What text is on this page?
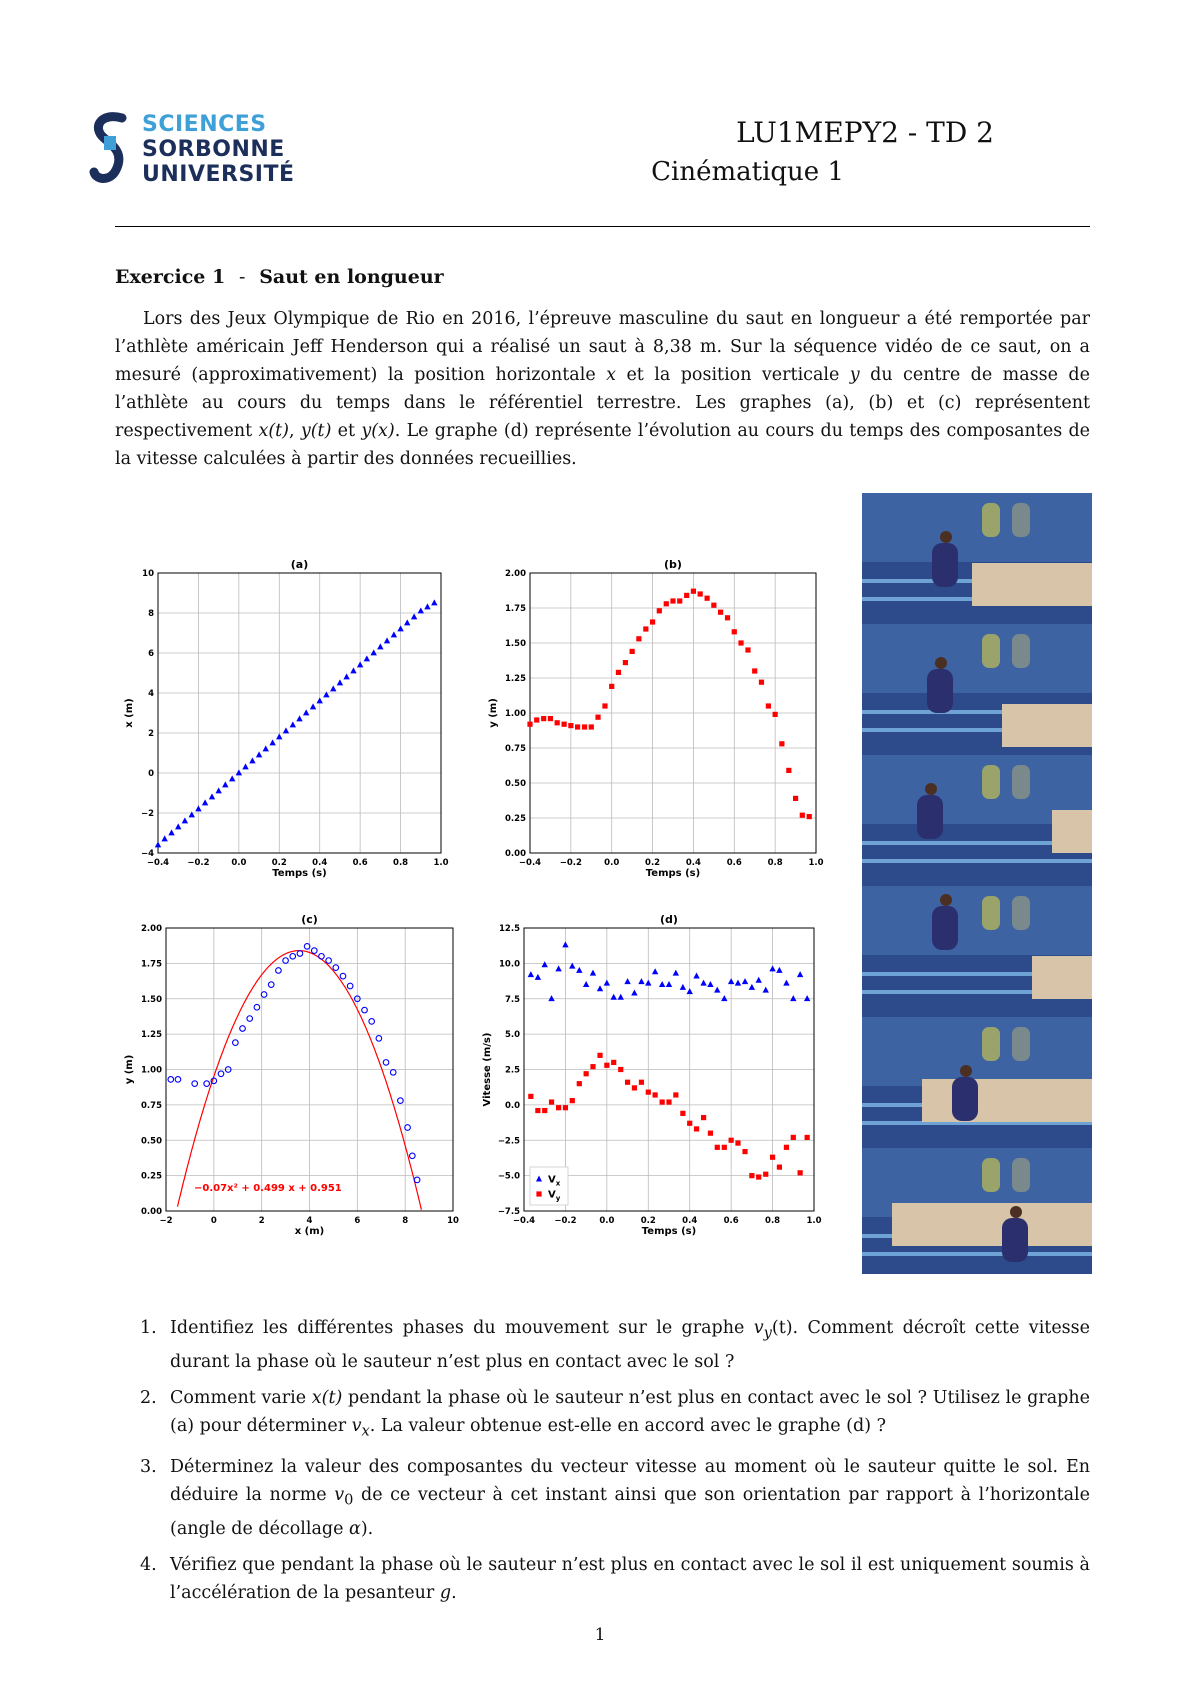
SCIENCES
SORBONNE
UNIVERSITÉ
LU1MEPY2 - TD 2
Cinématique 1
Exercice 1 - Saut en longueur
Lors des Jeux Olympique de Rio en 2016, l’épreuve masculine du saut en longueur a été remportée par l’athlète américain Jeff Henderson qui a réalisé un saut à 8,38 m. Sur la séquence vidéo de ce saut, on a mesuré (approximativement) la position horizontale x et la position verticale y du centre de masse de l’athlète au cours du temps dans le référentiel terrestre. Les graphes (a), (b) et (c) représentent respectivement x(t), y(t) et y(x). Le graphe (d) représente l’évolution au cours du temps des composantes de la vitesse calculées à partir des données recueillies.
(a)
−0.4 −0.2	0.0	0.2	0.4	0.6	0.8	1.0
−4
−2
0
2
4
6
8
10
Temps (s)
x (m)
(b)
−0.4 −0.2	0.0	0.2	0.4	0.6	0.8	1.0
0.00
0.25
0.50
0.75
1.00
1.25
1.50
1.75
2.00
Temps (s)
y (m)
(c)
−2	0	2	4	6	8	10
0.00
0.25
0.50
0.75
1.00
1.25
1.50
1.75
2.00
x (m)
y (m)
−0.07x² + 0.499 x + 0.951
(d)
−0.4 −0.2	0.0	0.2	0.4	0.6	0.8	1.0
−7.5
−5.0
−2.5
0.0
2.5
5.0
7.5
10.0
12.5
Temps (s)
Vitesse (m/s)
$V_x$
$V_y$
1. Identifiez les différentes phases du mouvement sur le graphe $v_y(t)$. Comment décroît cette vitesse durant la phase où le sauteur n’est plus en contact avec le sol ?
2. Comment varie x(t) pendant la phase où le sauteur n’est plus en contact avec le sol ? Utilisez le graphe (a) pour déterminer $v_x$. La valeur obtenue est-elle en accord avec le graphe (d) ?
3. Déterminez la valeur des composantes du vecteur vitesse au moment où le sauteur quitte le sol. En déduire la norme $v_0$ de ce vecteur à cet instant ainsi que son orientation par rapport à l’horizontale (angle de décollage α).
4. Vérifiez que pendant la phase où le sauteur n’est plus en contact avec le sol il est uniquement soumis à l’accélération de la pesanteur g.
1
